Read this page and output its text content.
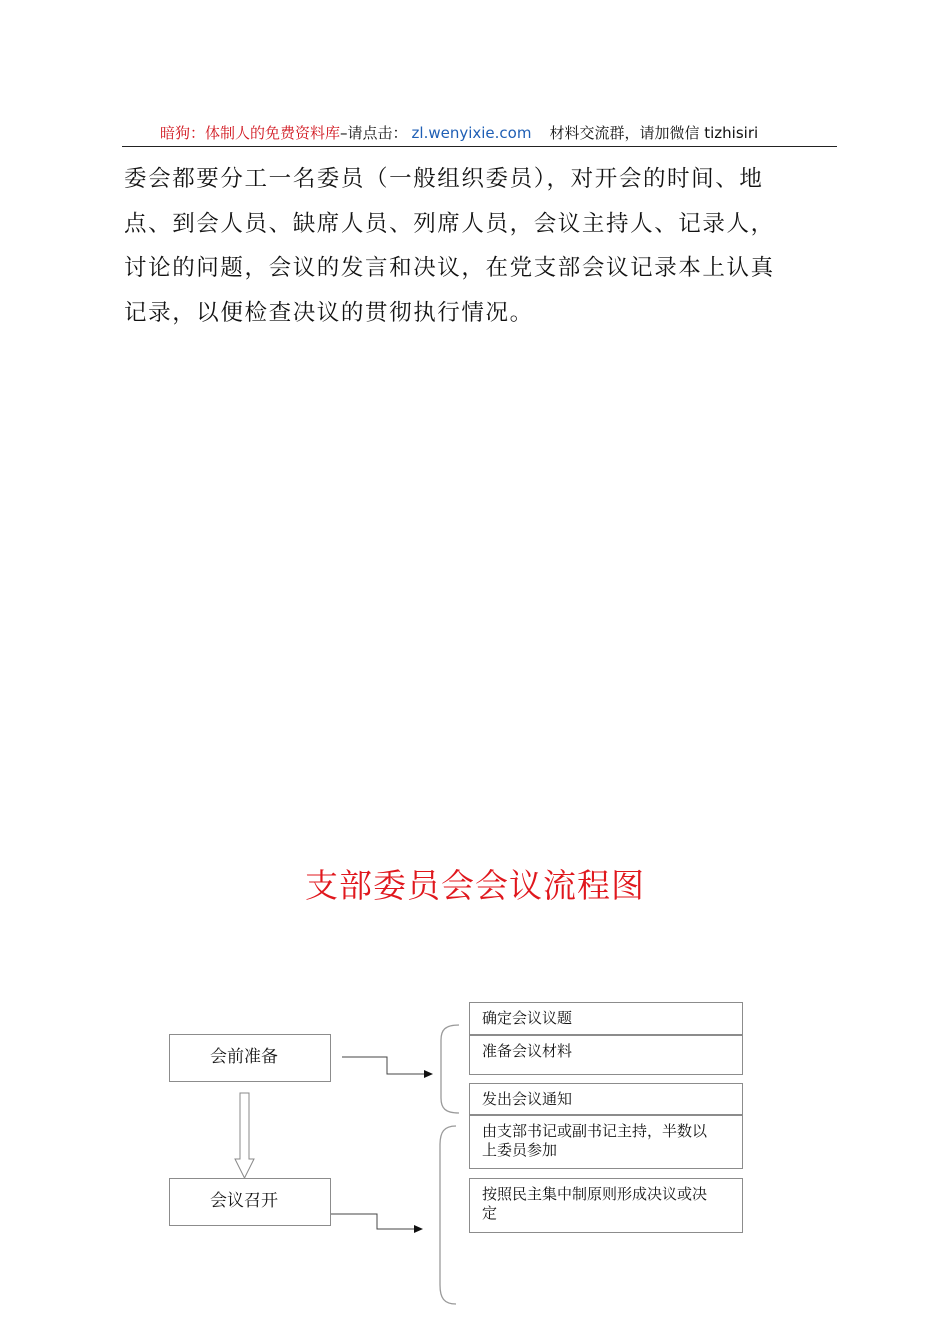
暗狗：体制人的免费资料库–请点击： zl.wenyixie.com 材料交流群，请加微信 tizhisiri

委会都要分工一名委员（一般组织委员），对开会的时间、地

点、到会人员、缺席人员、列席人员，会议主持人、记录人，

讨论的问题，会议的发言和决议，在党支部会议记录本上认真

记录，以便检查决议的贯彻执行情况。

支部委员会会议流程图
会前准备
会议召开
确定会议议题
准备会议材料
发出会议通知
由支部书记或副书记主持，半数以上委员参加
按照民主集中制原则形成决议或决定
